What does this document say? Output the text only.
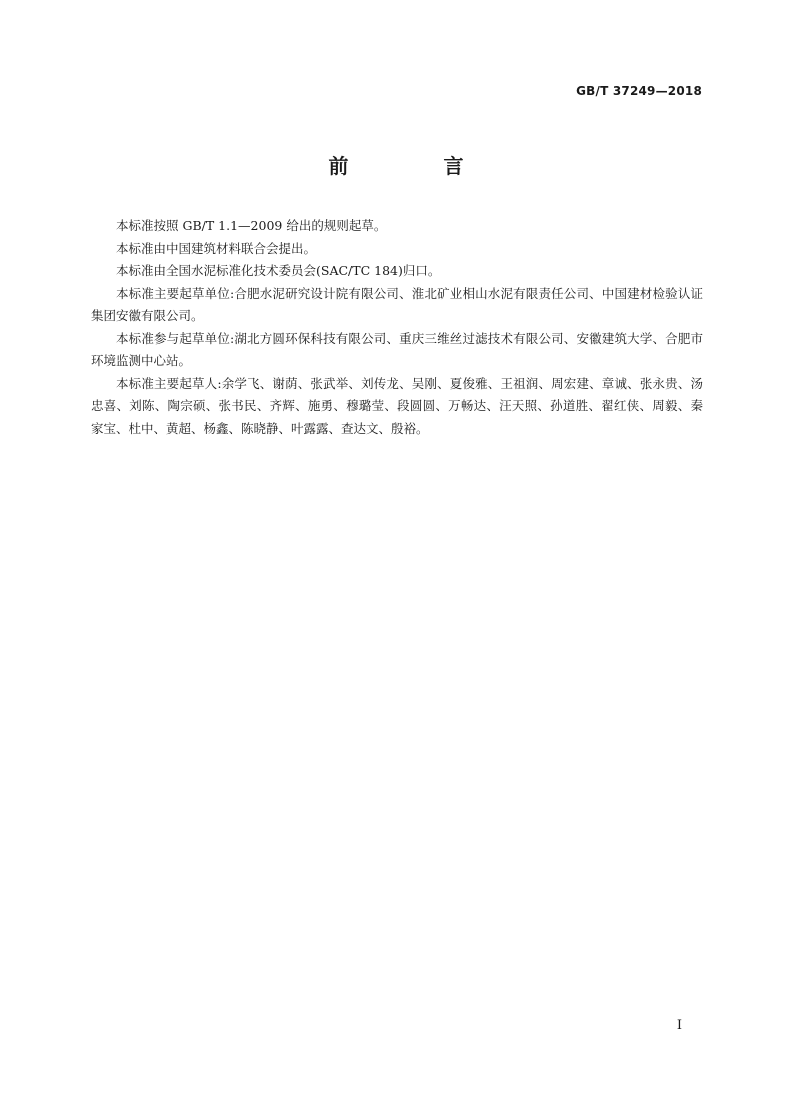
GB/T 37249—2018
前 言

本标准按照 GB/T 1.1—2009 给出的规则起草。

本标准由中国建筑材料联合会提出。

本标准由全国水泥标准化技术委员会(SAC/TC 184)归口。

本标准主要起草单位:合肥水泥研究设计院有限公司、淮北矿业相山水泥有限责任公司、中国建材检验认证集团安徽有限公司。

本标准参与起草单位:湖北方圆环保科技有限公司、重庆三维丝过滤技术有限公司、安徽建筑大学、合肥市环境监测中心站。

本标准主要起草人:余学飞、谢荫、张武举、刘传龙、吴刚、夏俊雅、王祖润、周宏建、章诚、张永贵、汤忠喜、刘陈、陶宗硕、张书民、齐辉、施勇、穆璐莹、段圆圆、万畅达、汪天照、孙道胜、翟红侠、周毅、秦家宝、杜中、黄超、杨鑫、陈晓静、叶露露、查达文、殷裕。

I
